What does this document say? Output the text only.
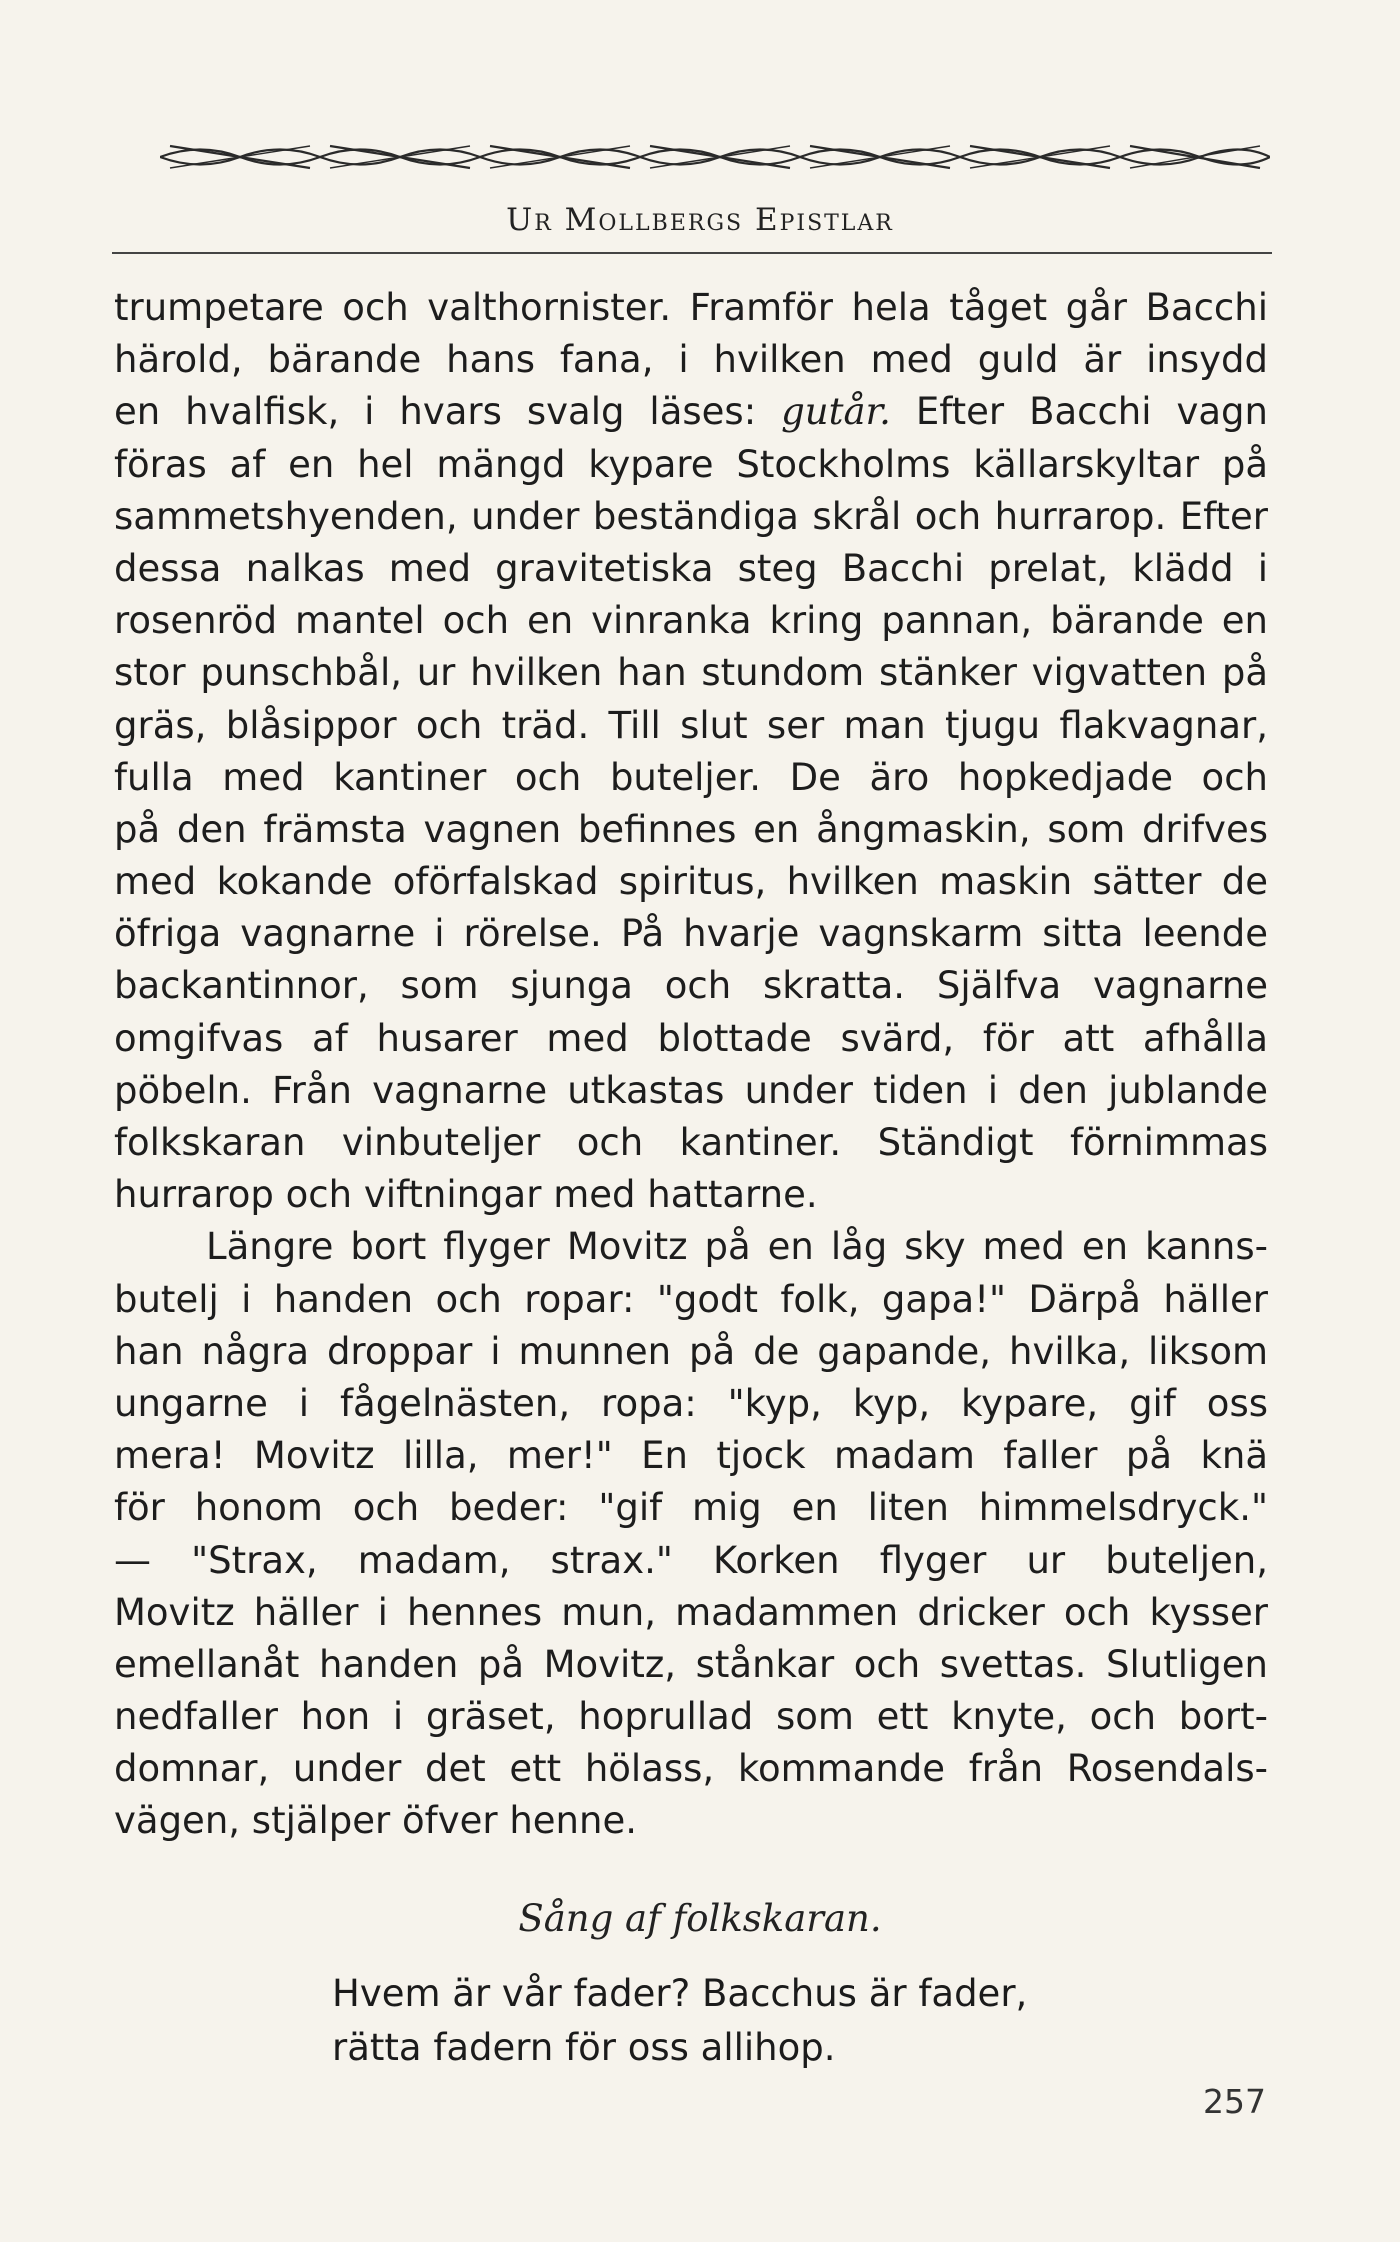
Ur Mollbergs Epistlar
trumpetare och valthornister. Framför hela tåget går Bacchi
härold, bärande hans fana, i hvilken med guld är insydd
en hvalfisk, i hvars svalg läses: gutår. Efter Bacchi vagn
föras af en hel mängd kypare Stockholms källarskyltar på
sammetshyenden, under beständiga skrål och hurrarop. Efter
dessa nalkas med gravitetiska steg Bacchi prelat, klädd i
rosenröd mantel och en vinranka kring pannan, bärande en
stor punschbål, ur hvilken han stundom stänker vigvatten på
gräs, blåsippor och träd. Till slut ser man tjugu flakvagnar,
fulla med kantiner och buteljer. De äro hopkedjade och
på den främsta vagnen befinnes en ångmaskin, som drifves
med kokande oförfalskad spiritus, hvilken maskin sätter de
öfriga vagnarne i rörelse. På hvarje vagnskarm sitta leende
backantinnor, som sjunga och skratta. Själfva vagnarne
omgifvas af husarer med blottade svärd, för att afhålla
pöbeln. Från vagnarne utkastas under tiden i den jublande
folkskaran vinbuteljer och kantiner. Ständigt förnimmas
hurrarop och viftningar med hattarne.
Längre bort flyger Movitz på en låg sky med en kanns-
butelj i handen och ropar: "godt folk, gapa!" Därpå häller
han några droppar i munnen på de gapande, hvilka, liksom
ungarne i fågelnästen, ropa: "kyp, kyp, kypare, gif oss
mera! Movitz lilla, mer!" En tjock madam faller på knä
för honom och beder: "gif mig en liten himmelsdryck."
— "Strax, madam, strax." Korken flyger ur buteljen,
Movitz häller i hennes mun, madammen dricker och kysser
emellanåt handen på Movitz, stånkar och svettas. Slutligen
nedfaller hon i gräset, hoprullad som ett knyte, och bort-
domnar, under det ett hölass, kommande från Rosendals-
vägen, stjälper öfver henne.
Sång af folkskaran.
Hvem är vår fader? Bacchus är fader,
rätta fadern för oss allihop.
257
